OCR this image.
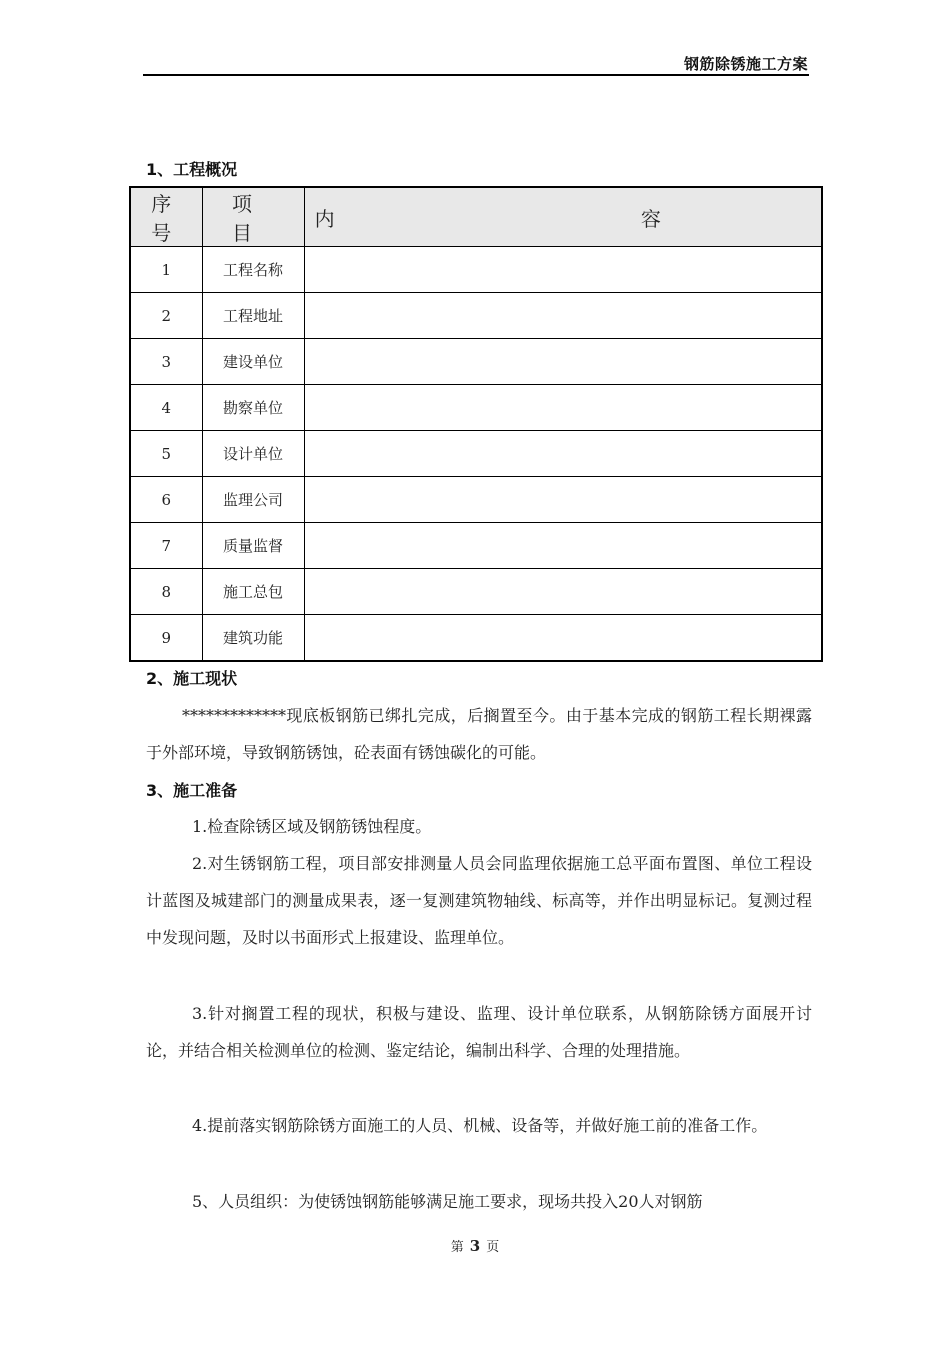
钢筋除锈施工方案
1、工程概况
序 号	项 目	内 容
1	工程名称	
2	工程地址	
3	建设单位	
4	勘察单位	
5	设计单位	
6	监理公司	
7	质量监督	
8	施工总包	
9	建筑功能	
2、施工现状

*************现底板钢筋已绑扎完成，后搁置至今。由于基本完成的钢筋工程长期裸露于外部环境，导致钢筋锈蚀，砼表面有锈蚀碳化的可能。

3、施工准备

1.检查除锈区域及钢筋锈蚀程度。

2.对生锈钢筋工程，项目部安排测量人员会同监理依据施工总平面布置图、单位工程设计蓝图及城建部门的测量成果表，逐一复测建筑物轴线、标高等，并作出明显标记。复测过程中发现问题，及时以书面形式上报建设、监理单位。

3.针对搁置工程的现状，积极与建设、监理、设计单位联系，从钢筋除锈方面展开讨论，并结合相关检测单位的检测、鉴定结论，编制出科学、合理的处理措施。

4.提前落实钢筋除锈方面施工的人员、机械、设备等，并做好施工前的准备工作。

5、人员组织：为使锈蚀钢筋能够满足施工要求，现场共投入20人对钢筋

第 3 页
